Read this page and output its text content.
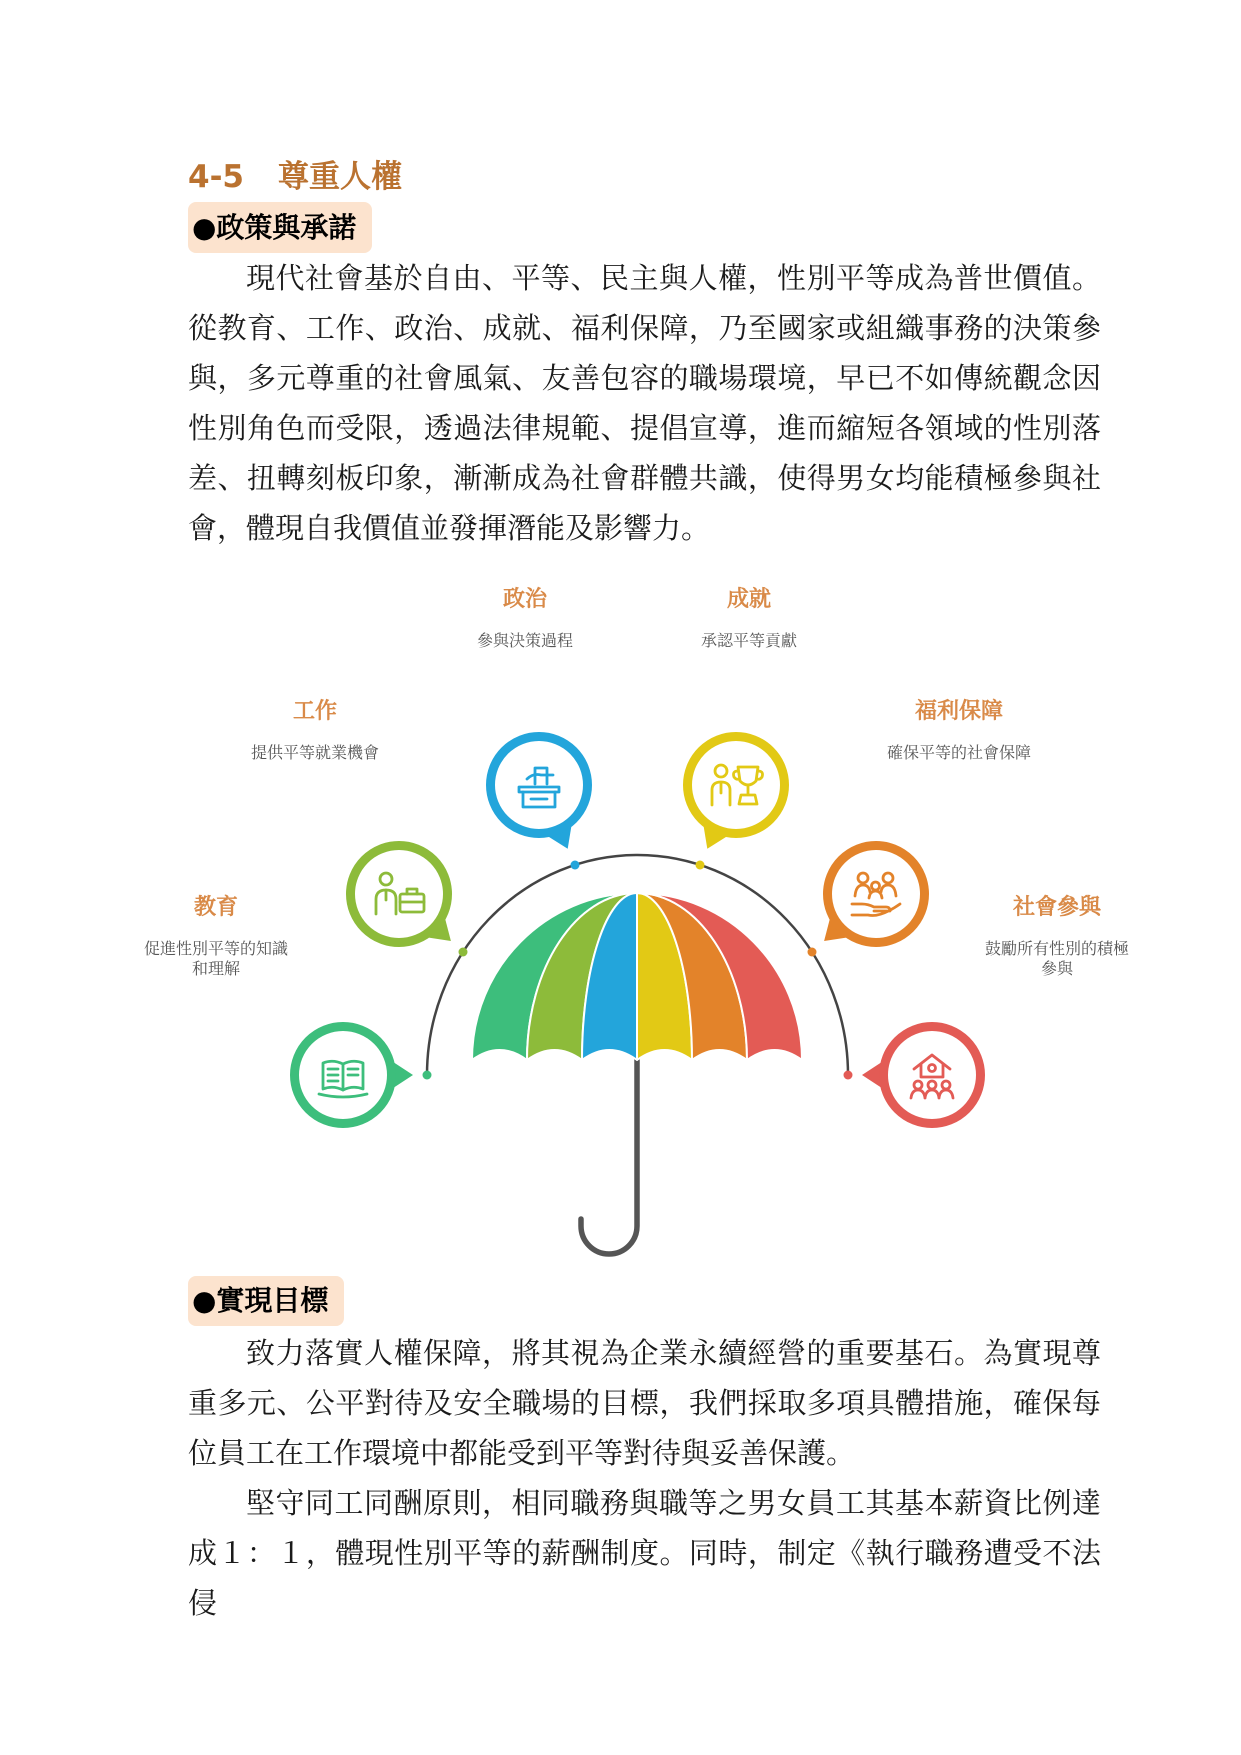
4-5 尊重人權
●政策與承諾
現代社會基於自由、平等、民主與人權，性別平等成為普世價值。
從教育、工作、政治、成就、福利保障，乃至國家或組織事務的決策參
與，多元尊重的社會風氣、友善包容的職場環境，早已不如傳統觀念因
性別角色而受限，透過法律規範、提倡宣導，進而縮短各領域的性別落
差、扭轉刻板印象，漸漸成為社會群體共識，使得男女均能積極參與社
會，體現自我價值並發揮潛能及影響力。
教育
促進性別平等的知識
和理解
工作
提供平等就業機會
政治
參與決策過程
成就
承認平等貢獻
福利保障
確保平等的社會保障
社會參與
鼓勵所有性別的積極
參與
●實現目標
致力落實人權保障，將其視為企業永續經營的重要基石。為實現尊
重多元、公平對待及安全職場的目標，我們採取多項具體措施，確保每
位員工在工作環境中都能受到平等對待與妥善保護。
堅守同工同酬原則，相同職務與職等之男女員工其基本薪資比例達
成１：１，體現性別平等的薪酬制度。同時，制定《執行職務遭受不法侵
